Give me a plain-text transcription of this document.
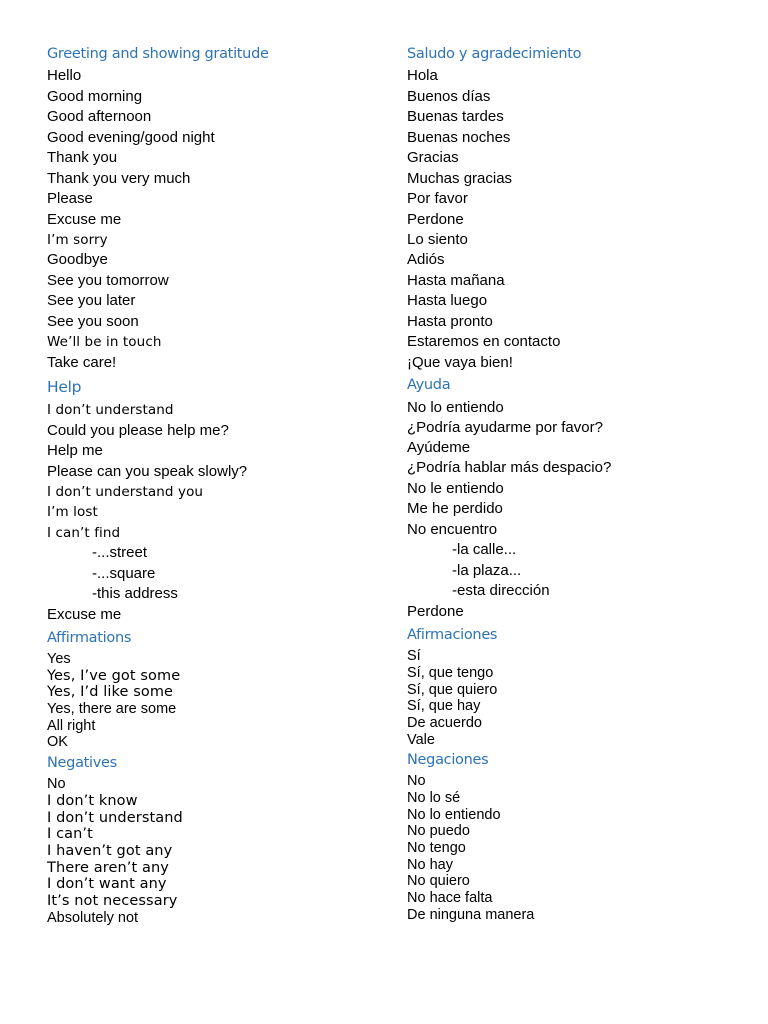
Greeting and showing gratitude

Hello

Good morning

Good afternoon

Good evening/good night

Thank you

Thank you very much

Please

Excuse me

I’m sorry

Goodbye

See you tomorrow

See you later

See you soon

We’ll be in touch

Take care!

Help

I don’t understand

Could you please help me?

Help me

Please can you speak slowly?

I don’t understand you

I’m lost

I can’t find

-...street

-...square

-this address

Excuse me

Affirmations

Yes

Yes, I’ve got some

Yes, I’d like some

Yes, there are some

All right

OK

Negatives

No

I don’t know

I don’t understand

I can’t

I haven’t got any

There aren’t any

I don’t want any

It’s not necessary

Absolutely not

Saludo y agradecimiento

Hola

Buenos días

Buenas tardes

Buenas noches

Gracias

Muchas gracias

Por favor

Perdone

Lo siento

Adiós

Hasta mañana

Hasta luego

Hasta pronto

Estaremos en contacto

¡Que vaya bien!

Ayuda

No lo entiendo

¿Podría ayudarme por favor?

Ayúdeme

¿Podría hablar más despacio?

No le entiendo

Me he perdido

No encuentro

-la calle...

-la plaza...

-esta dirección

Perdone

Afirmaciones

Sí

Sí, que tengo

Sí, que quiero

Sí, que hay

De acuerdo

Vale

Negaciones

No

No lo sé

No lo entiendo

No puedo

No tengo

No hay

No quiero

No hace falta

De ninguna manera
